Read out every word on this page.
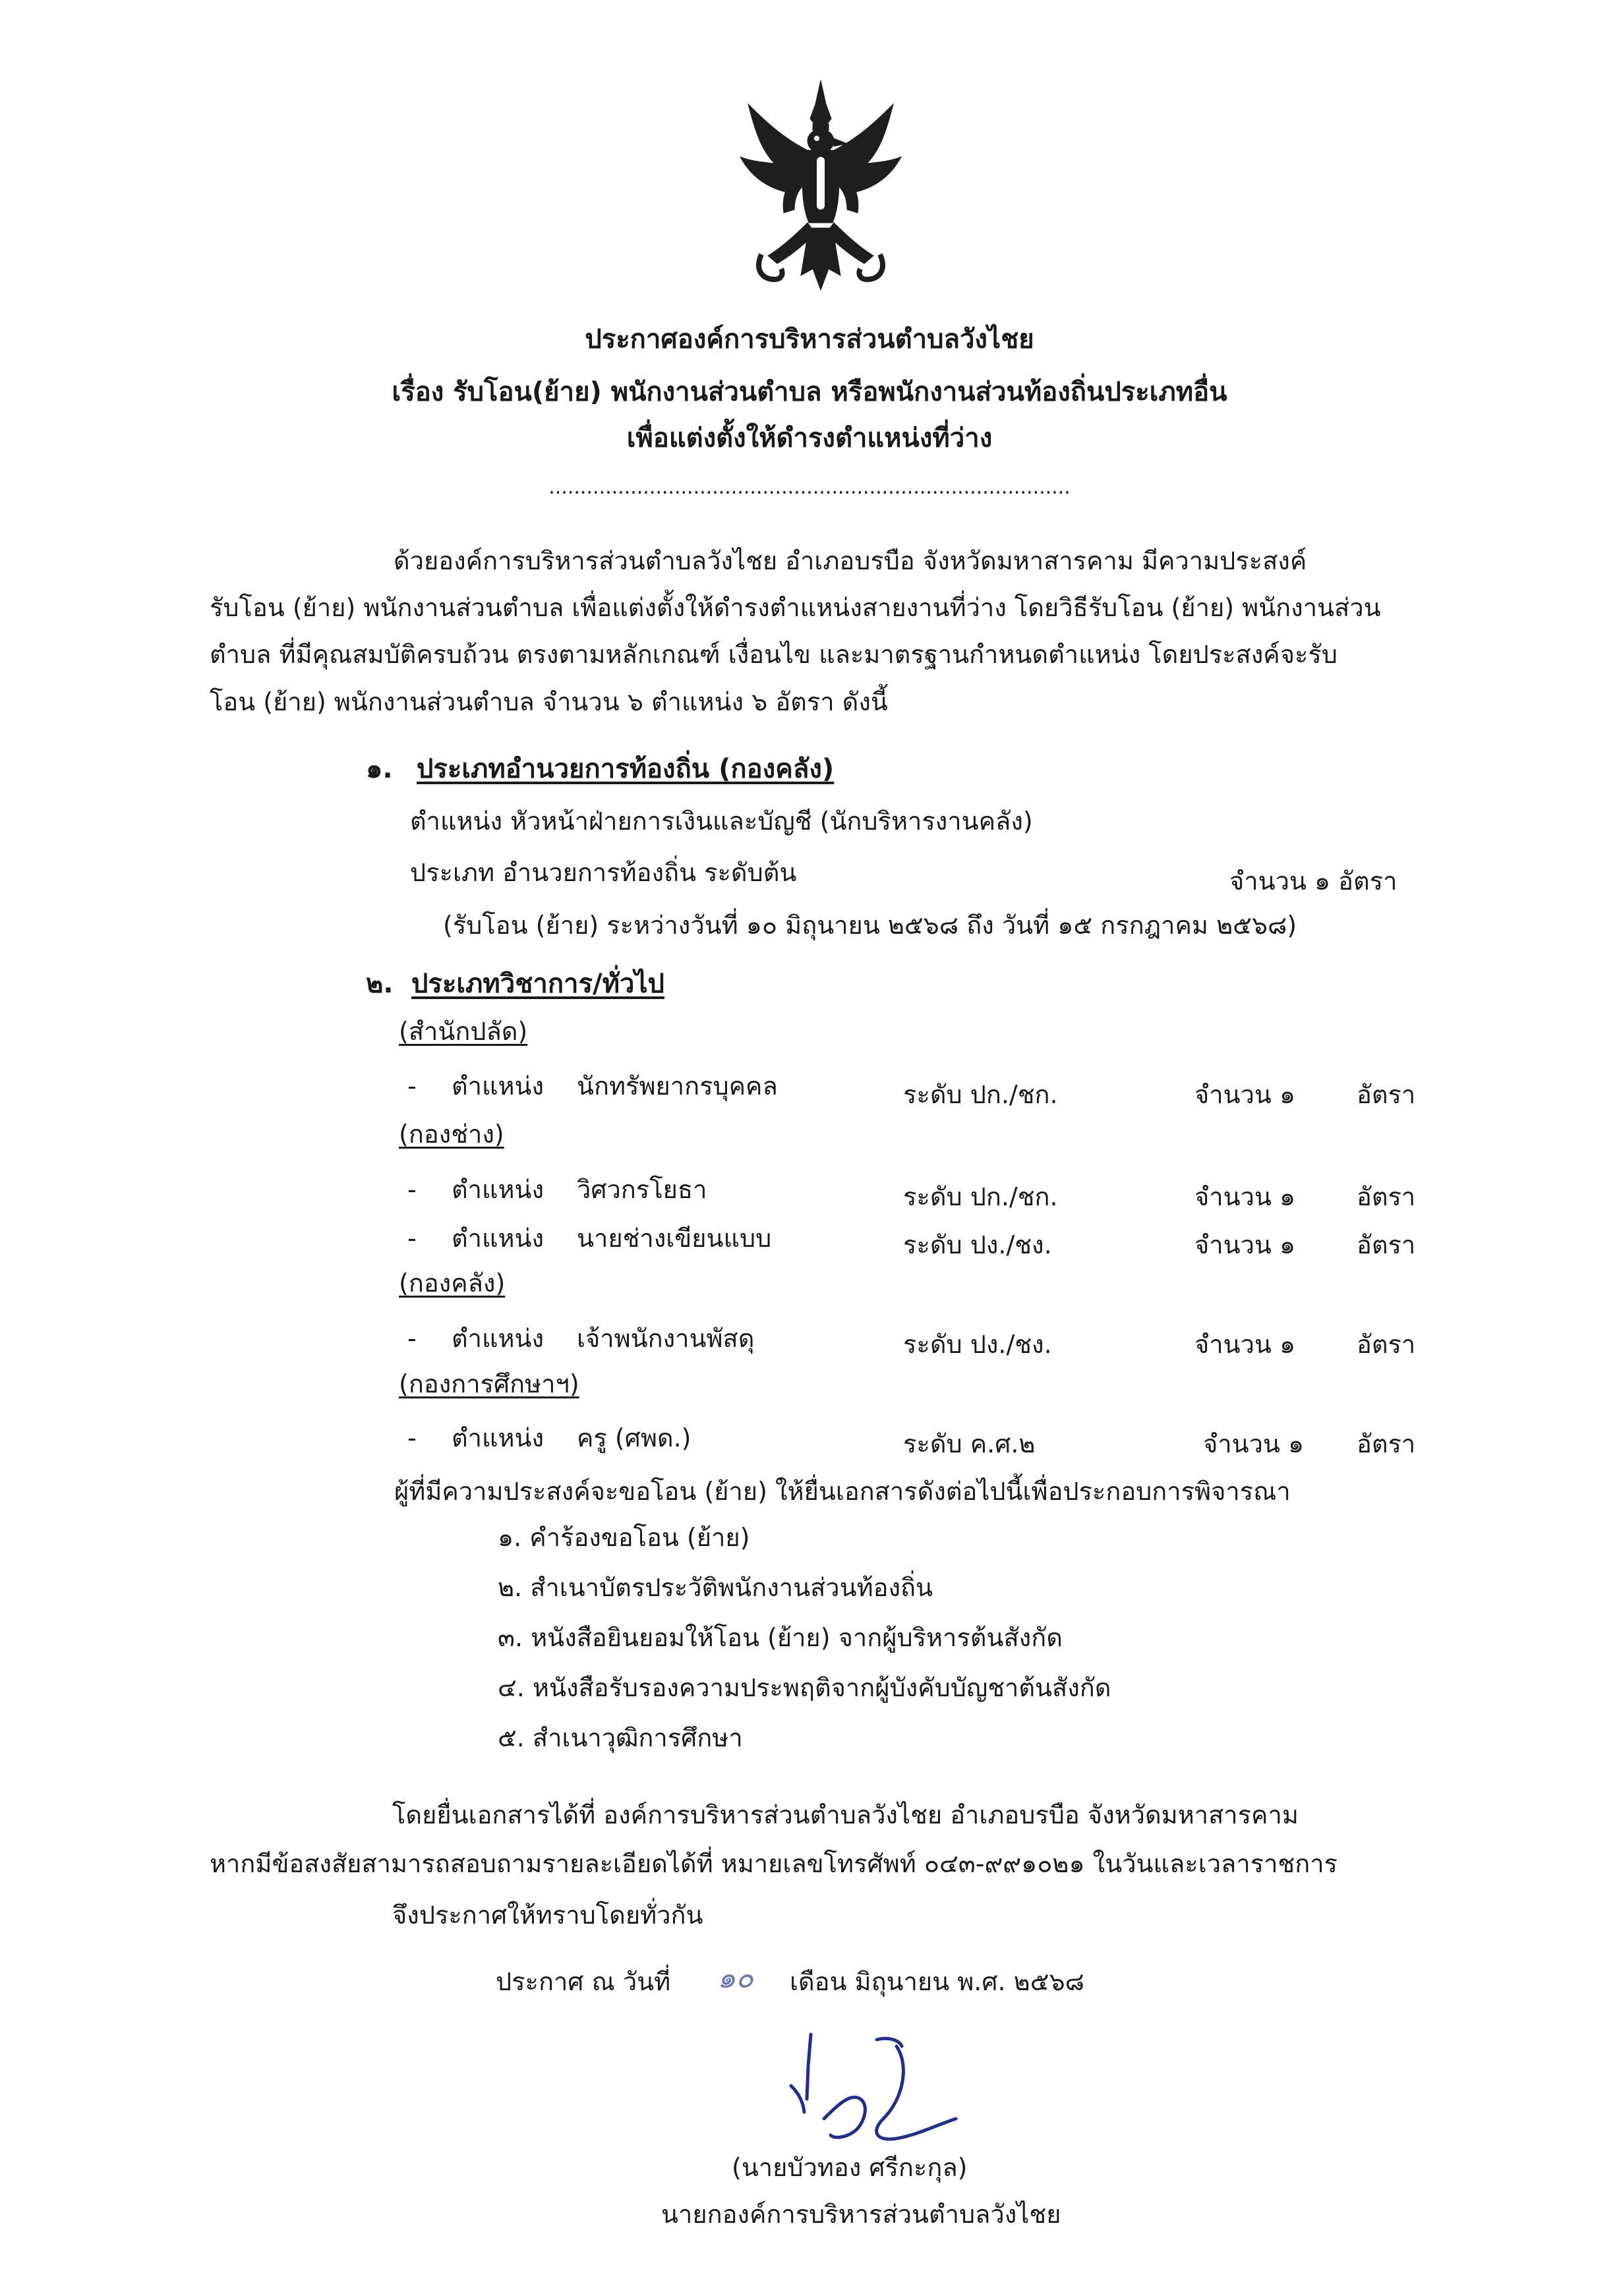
ประกาศองค์การบริหารส่วนตำบลวังไชย
เรื่อง รับโอน(ย้าย) พนักงานส่วนตำบล หรือพนักงานส่วนท้องถิ่นประเภทอื่น
เพื่อแต่งตั้งให้ดำรงตำแหน่งที่ว่าง
...................................................................................
ด้วยองค์การบริหารส่วนตำบลวังไชย อำเภอบรบือ จังหวัดมหาสารคาม มีความประสงค์
รับโอน (ย้าย) พนักงานส่วนตำบล เพื่อแต่งตั้งให้ดำรงตำแหน่งสายงานที่ว่าง โดยวิธีรับโอน (ย้าย) พนักงานส่วน
ตำบล ที่มีคุณสมบัติครบถ้วน ตรงตามหลักเกณฑ์ เงื่อนไข และมาตรฐานกำหนดตำแหน่ง โดยประสงค์จะรับ
โอน (ย้าย) พนักงานส่วนตำบล จำนวน ๖ ตำแหน่ง ๖ อัตรา ดังนี้
๑. ประเภทอำนวยการท้องถิ่น (กองคลัง)
ตำแหน่ง หัวหน้าฝ่ายการเงินและบัญชี (นักบริหารงานคลัง)
ประเภท อำนวยการท้องถิ่น ระดับต้น	จำนวน ๑ อัตรา
(รับโอน (ย้าย) ระหว่างวันที่ ๑๐ มิถุนายน ๒๕๖๘ ถึง วันที่ ๑๕ กรกฎาคม ๒๕๖๘)
๒. ประเภทวิชาการ/ทั่วไป
(สำนักปลัด)
- ตำแหน่ง นักทรัพยากรบุคคล	ระดับ ปก./ชก.	จำนวน ๑ อัตรา
(กองช่าง)
- ตำแหน่ง วิศวกรโยธา	ระดับ ปก./ชก.	จำนวน ๑ อัตรา
- ตำแหน่ง นายช่างเขียนแบบ	ระดับ ปง./ชง.	จำนวน ๑ อัตรา
(กองคลัง)
- ตำแหน่ง เจ้าพนักงานพัสดุ	ระดับ ปง./ชง.	จำนวน ๑ อัตรา
(กองการศึกษาฯ)
- ตำแหน่ง ครู (ศพด.)	ระดับ ค.ศ.๒	จำนวน ๑ อัตรา
ผู้ที่มีความประสงค์จะขอโอน (ย้าย) ให้ยื่นเอกสารดังต่อไปนี้เพื่อประกอบการพิจารณา
๑. คำร้องขอโอน (ย้าย)
๒. สำเนาบัตรประวัติพนักงานส่วนท้องถิ่น
๓. หนังสือยินยอมให้โอน (ย้าย) จากผู้บริหารต้นสังกัด
๔. หนังสือรับรองความประพฤติจากผู้บังคับบัญชาต้นสังกัด
๕. สำเนาวุฒิการศึกษา
โดยยื่นเอกสารได้ที่ องค์การบริหารส่วนตำบลวังไชย อำเภอบรบือ จังหวัดมหาสารคาม
หากมีข้อสงสัยสามารถสอบถามรายละเอียดได้ที่ หมายเลขโทรศัพท์ ๐๔๓-๙๙๑๐๒๑ ในวันและเวลาราชการ
จึงประกาศให้ทราบโดยทั่วกัน
ประกาศ ณ วันที่ ๑๐ เดือน มิถุนายน พ.ศ. ๒๕๖๘
(นายบัวทอง ศรีกะกุล)
นายกองค์การบริหารส่วนตำบลวังไชย
